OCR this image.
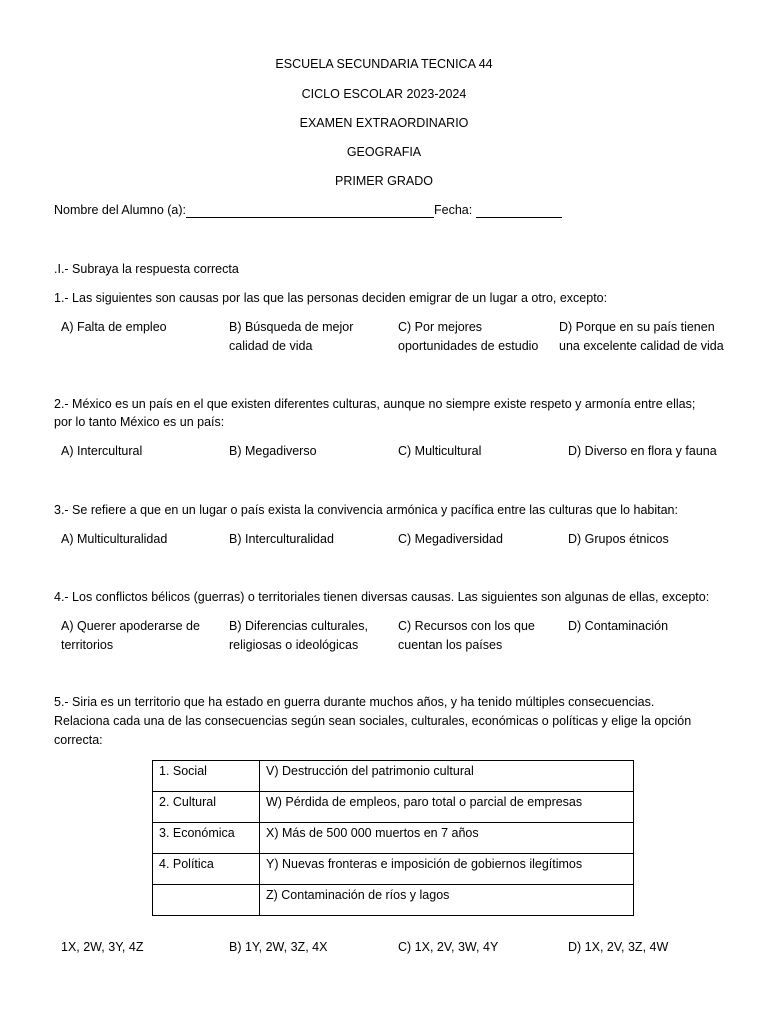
ESCUELA SECUNDARIA TECNICA 44
CICLO ESCOLAR 2023-2024
EXAMEN EXTRAORDINARIO
GEOGRAFIA
PRIMER GRADO
Nombre del Alumno (a):	Fecha:
.I.- Subraya la respuesta correcta
1.- Las siguientes son causas por las que las personas deciden emigrar de un lugar a otro, excepto:
A) Falta de empleo	B) Búsqueda de mejor calidad de vida
C) Por mejores oportunidades de estudio
D) Porque en su país tienen una excelente calidad de vida
2.- México es un país en el que existen diferentes culturas, aunque no siempre existe respeto y armonía entre ellas;
por lo tanto México es un país:
A) Intercultural	B) Megadiverso	C) Multicultural	D) Diverso en flora y fauna
3.- Se refiere a que en un lugar o país exista la convivencia armónica y pacífica entre las culturas que lo habitan:
A) Multiculturalidad	B) Interculturalidad	C) Megadiversidad	D) Grupos étnicos
4.- Los conflictos bélicos (guerras) o territoriales tienen diversas causas. Las siguientes son algunas de ellas, excepto:
A) Querer apoderarse de territorios
B) Diferencias culturales, religiosas o ideológicas
C) Recursos con los que cuentan los países
D) Contaminación
5.- Siria es un territorio que ha estado en guerra durante muchos años, y ha tenido múltiples consecuencias.
Relaciona cada una de las consecuencias según sean sociales, culturales, económicas o políticas y elige la opción
correcta:
1. Social	V) Destrucción del patrimonio cultural
2. Cultural	W) Pérdida de empleos, paro total o parcial de empresas
3. Económica	X) Más de 500 000 muertos en 7 años
4. Política	Y) Nuevas fronteras e imposición de gobiernos ilegítimos
	Z) Contaminación de ríos y lagos
1X, 2W, 3Y, 4Z	B) 1Y, 2W, 3Z, 4X	C) 1X, 2V, 3W, 4Y	D) 1X, 2V, 3Z, 4W
